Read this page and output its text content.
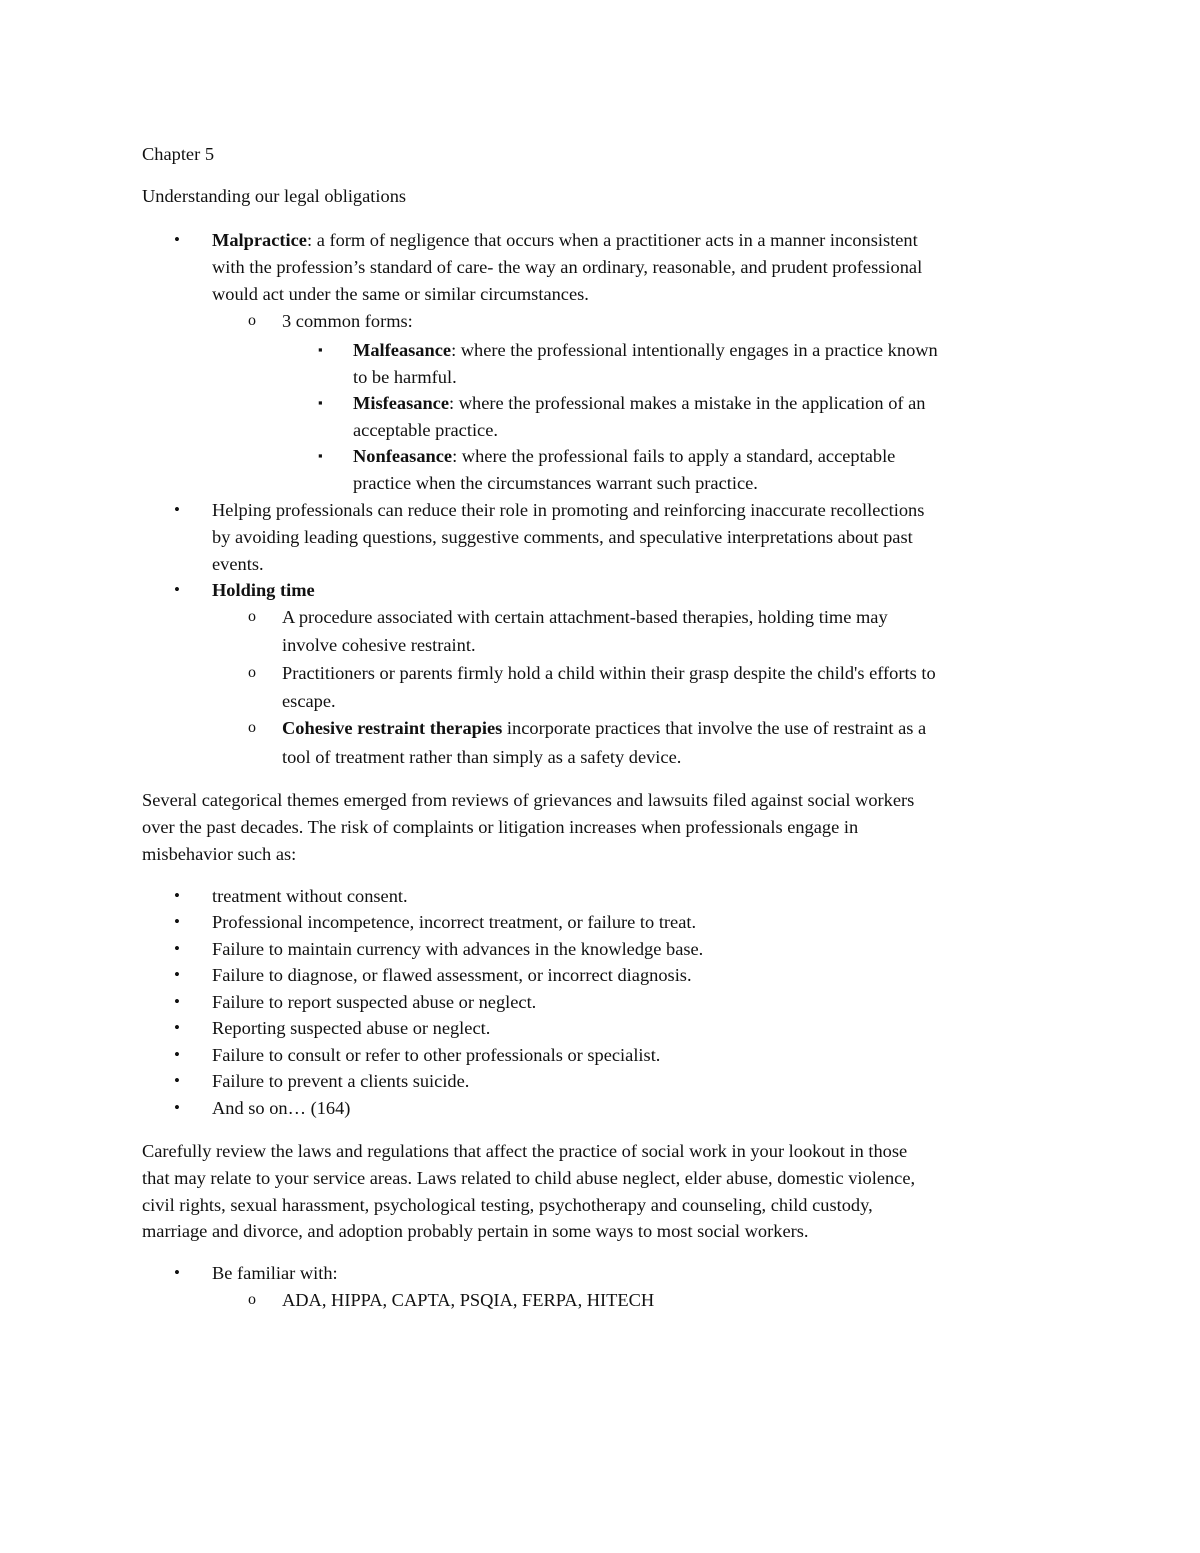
Chapter 5
Understanding our legal obligations
• Malpractice: a form of negligence that occurs when a practitioner acts in a manner inconsistent
with the profession’s standard of care- the way an ordinary, reasonable, and prudent professional
would act under the same or similar circumstances.
o 3 common forms:
▪ Malfeasance: where the professional intentionally engages in a practice known
to be harmful.
▪ Misfeasance: where the professional makes a mistake in the application of an
acceptable practice.
▪ Nonfeasance: where the professional fails to apply a standard, acceptable
practice when the circumstances warrant such practice.
• Helping professionals can reduce their role in promoting and reinforcing inaccurate recollections
by avoiding leading questions, suggestive comments, and speculative interpretations about past
events.
• Holding time
o A procedure associated with certain attachment-based therapies, holding time may
involve cohesive restraint.
o Practitioners or parents firmly hold a child within their grasp despite the child's efforts to
escape.
o Cohesive restraint therapies incorporate practices that involve the use of restraint as a
tool of treatment rather than simply as a safety device.
Several categorical themes emerged from reviews of grievances and lawsuits filed against social workers
over the past decades. The risk of complaints or litigation increases when professionals engage in
misbehavior such as:
• treatment without consent.
• Professional incompetence, incorrect treatment, or failure to treat.
• Failure to maintain currency with advances in the knowledge base.
• Failure to diagnose, or flawed assessment, or incorrect diagnosis.
• Failure to report suspected abuse or neglect.
• Reporting suspected abuse or neglect.
• Failure to consult or refer to other professionals or specialist.
• Failure to prevent a clients suicide.
• And so on… (164)
Carefully review the laws and regulations that affect the practice of social work in your lookout in those
that may relate to your service areas. Laws related to child abuse neglect, elder abuse, domestic violence,
civil rights, sexual harassment, psychological testing, psychotherapy and counseling, child custody,
marriage and divorce, and adoption probably pertain in some ways to most social workers.
• Be familiar with:
o ADA, HIPPA, CAPTA, PSQIA, FERPA, HITECH
